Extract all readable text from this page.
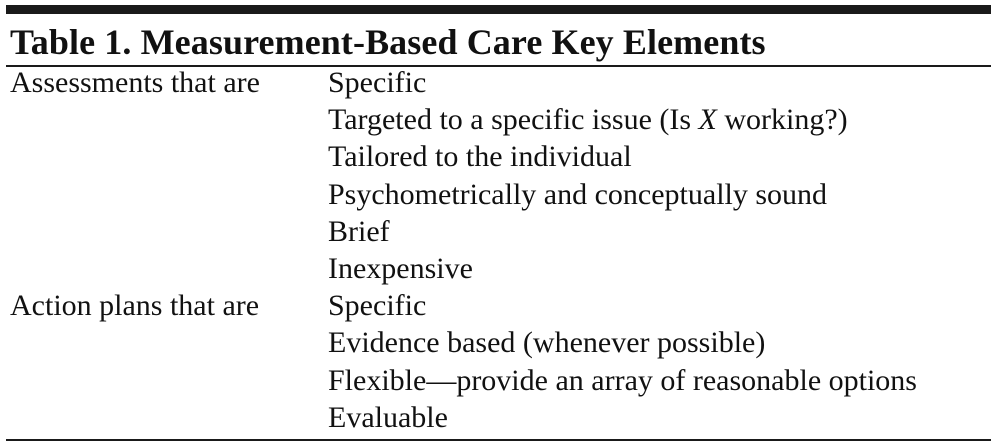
Table 1. Measurement-Based Care Key Elements
Assessments that are	Specific
Targeted to a specific issue (Is X working?)
Tailored to the individual
Psychometrically and conceptually sound
Brief
Inexpensive
Action plans that are	Specific
Evidence based (whenever possible)
Flexible—provide an array of reasonable options
Evaluable
